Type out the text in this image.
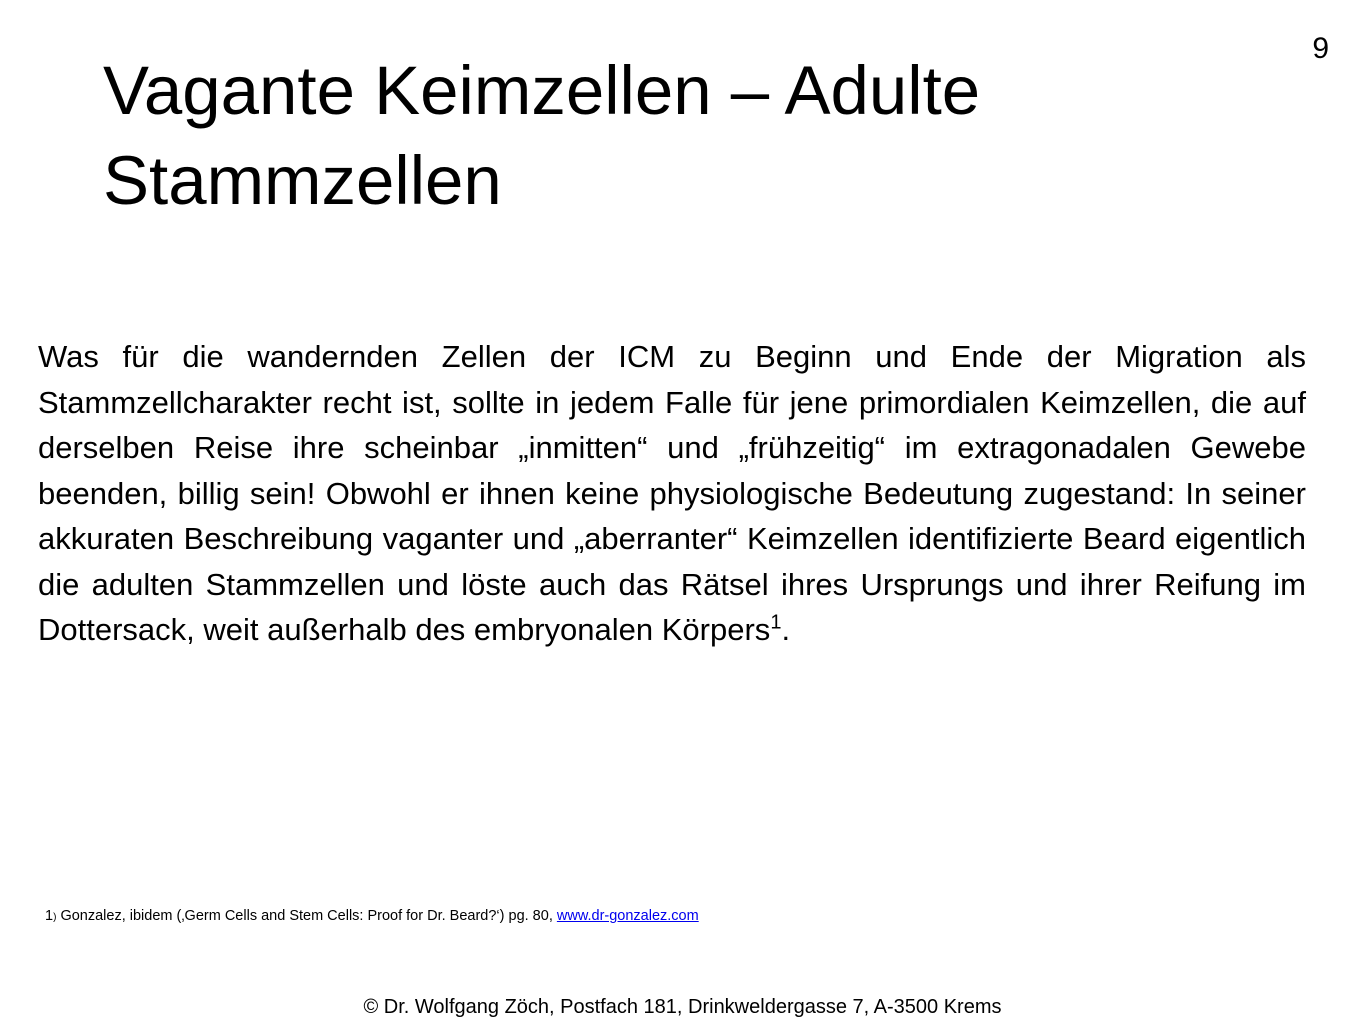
9
Vagante Keimzellen – Adulte
Stammzellen

Was für die wandernden Zellen der ICM zu Beginn und Ende der Migration als Stammzellcharakter recht ist, sollte in jedem Falle für jene primordialen Keimzellen, die auf derselben Reise ihre scheinbar „inmitten“ und „frühzeitig“ im extragonadalen Gewebe beenden, billig sein! Obwohl er ihnen keine physiologische Bedeutung zugestand: In seiner akkuraten Beschreibung vaganter und „aberranter“ Keimzellen identifizierte Beard eigentlich die adulten Stammzellen und löste auch das Rätsel ihres Ursprungs und ihrer Reifung im Dottersack, weit außerhalb des embryonalen Körpers$^1$.

1) Gonzalez, ibidem (‚Germ Cells and Stem Cells: Proof for Dr. Beard?‘) pg. 80, www.dr-gonzalez.com

© Dr. Wolfgang Zöch, Postfach 181, Drinkweldergasse 7, A-3500 Krems
